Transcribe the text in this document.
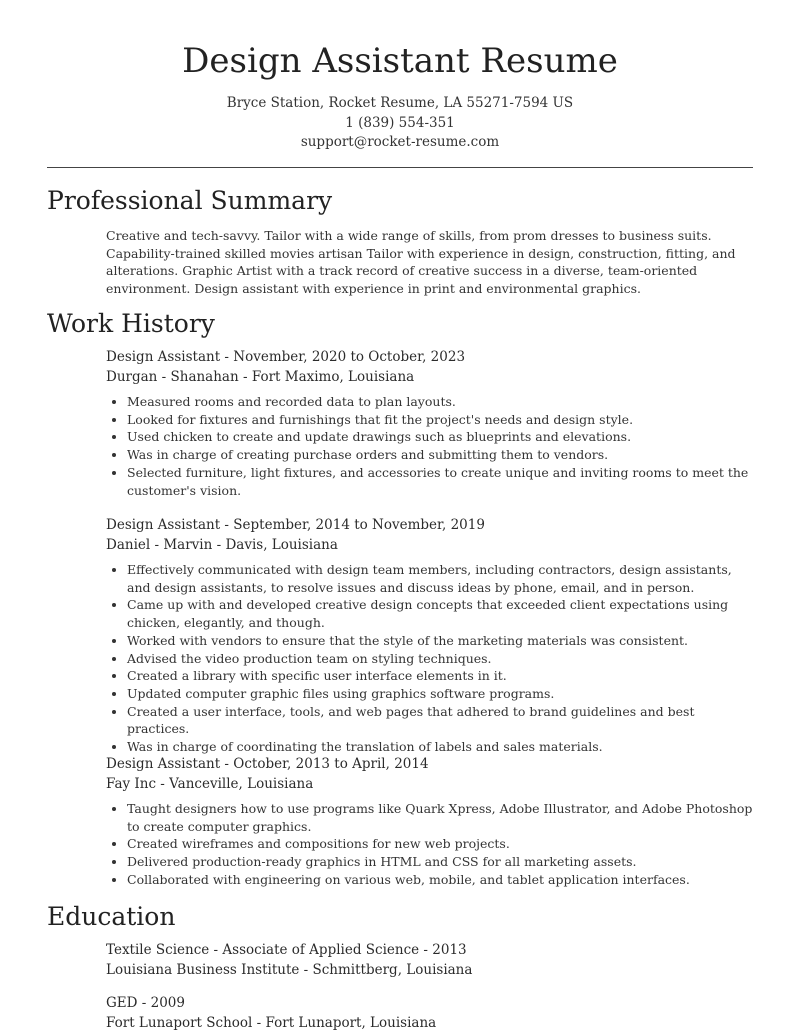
Design Assistant Resume
Bryce Station, Rocket Resume, LA 55271-7594 US
1 (839) 554-351
support@rocket-resume.com
Professional Summary

Creative and tech-savvy. Tailor with a wide range of skills, from prom dresses to business suits. Capability-trained skilled movies artisan Tailor with experience in design, construction, fitting, and alterations. Graphic Artist with a track record of creative success in a diverse, team-oriented environment. Design assistant with experience in print and environmental graphics.

Work History
Design Assistant - November, 2020 to October, 2023
Durgan - Shanahan - Fort Maximo, Louisiana
• Measured rooms and recorded data to plan layouts.
• Looked for fixtures and furnishings that fit the project's needs and design style.
• Used chicken to create and update drawings such as blueprints and elevations.
• Was in charge of creating purchase orders and submitting them to vendors.
• Selected furniture, light fixtures, and accessories to create unique and inviting rooms to meet the customer's vision.
Design Assistant - September, 2014 to November, 2019
Daniel - Marvin - Davis, Louisiana
• Effectively communicated with design team members, including contractors, design assistants, and design assistants, to resolve issues and discuss ideas by phone, email, and in person.
• Came up with and developed creative design concepts that exceeded client expectations using chicken, elegantly, and though.
• Worked with vendors to ensure that the style of the marketing materials was consistent.
• Advised the video production team on styling techniques.
• Created a library with specific user interface elements in it.
• Updated computer graphic files using graphics software programs.
• Created a user interface, tools, and web pages that adhered to brand guidelines and best practices.
• Was in charge of coordinating the translation of labels and sales materials.
Design Assistant - October, 2013 to April, 2014
Fay Inc - Vanceville, Louisiana
• Taught designers how to use programs like Quark Xpress, Adobe Illustrator, and Adobe Photoshop to create computer graphics.
• Created wireframes and compositions for new web projects.
• Delivered production-ready graphics in HTML and CSS for all marketing assets.
• Collaborated with engineering on various web, mobile, and tablet application interfaces.
Education
Textile Science - Associate of Applied Science - 2013
Louisiana Business Institute - Schmittberg, Louisiana
GED - 2009
Fort Lunaport School - Fort Lunaport, Louisiana
